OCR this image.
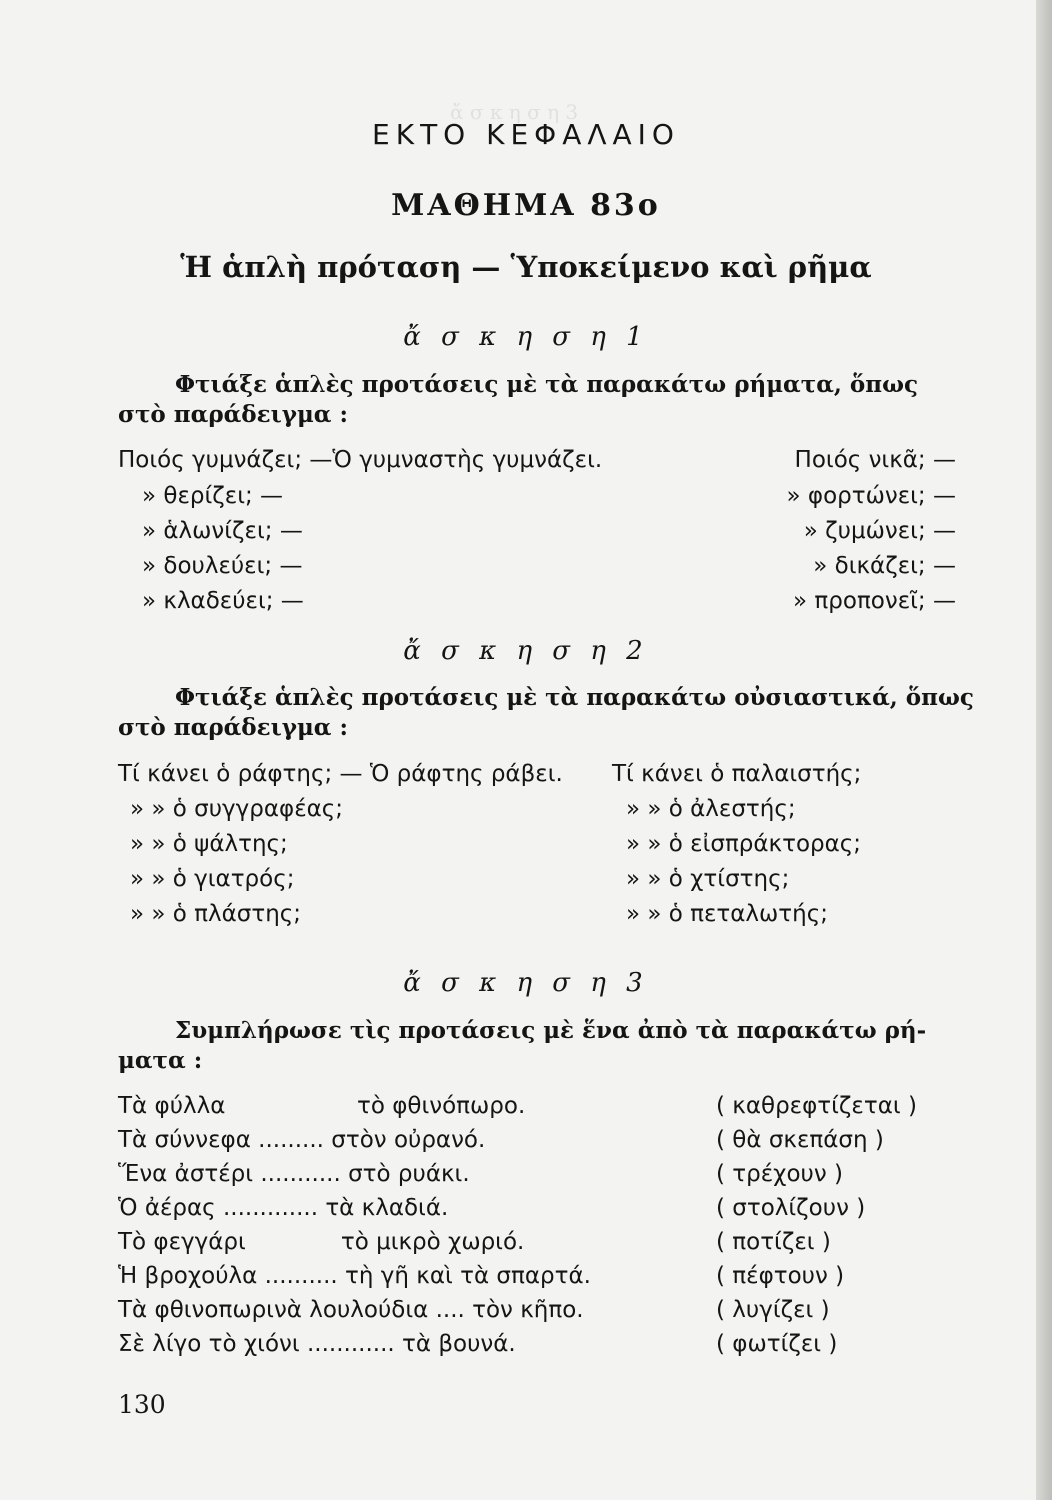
ἄ σ κ η σ η 3
ΕΚΤΟ ΚΕΦΑΛΑΙΟ
ΜΑΘΗΜΑ 83ο
Ἡ ἁπλὴ πρόταση — Ὑποκείμενο καὶ ρῆμα
ἄ σ κ η σ η 1
Φτιάξε ἁπλὲς προτάσεις μὲ τὰ παρακάτω ρήματα, ὅπως
στὸ παράδειγμα :
Ποιός γυμνάζει; —Ὁ γυμναστὴς γυμνάζει.
» θερίζει; —
» ἁλωνίζει; —
» δουλεύει; —
» κλαδεύει; —
Ποιός νικᾶ; —
» φορτώνει; —
» ζυμώνει; —
» δικάζει; —
» προπονεῖ; —
ἄ σ κ η σ η 2
Φτιάξε ἁπλὲς προτάσεις μὲ τὰ παρακάτω οὐσιαστικά, ὅπως
στὸ παράδειγμα :
Τί κάνει ὁ ράφτης; — Ὁ ράφτης ράβει.
» » ὁ συγγραφέας;
» » ὁ ψάλτης;
» » ὁ γιατρός;
» » ὁ πλάστης;
Τί κάνει ὁ παλαιστής;
» » ὁ ἀλεστής;
» » ὁ εἰσπράκτορας;
» » ὁ χτίστης;
» » ὁ πεταλωτής;
ἄ σ κ η σ η 3
Συμπλήρωσε τὶς προτάσεις μὲ ἕνα ἀπὸ τὰ παρακάτω ρή-
ματα :
Τὰ φύλλα                  τὸ φθινόπωρο.
Τὰ σύννεφα ......... στὸν οὐρανό.
Ἕνα ἀστέρι ........... στὸ ρυάκι.
Ὁ ἀέρας ............. τὰ κλαδιά.
Τὸ φεγγάρι             τὸ μικρὸ χωριό.
Ἡ βροχούλα .......... τὴ γῆ καὶ τὰ σπαρτά.
Τὰ φθινοπωρινὰ λουλούδια .... τὸν κῆπο.
Σὲ λίγο τὸ χιόνι ............ τὰ βουνά.
( καθρεφτίζεται )
( θὰ σκεπάση )
( τρέχουν )
( στολίζουν )
( ποτίζει )
( πέφτουν )
( λυγίζει )
( φωτίζει )
130
